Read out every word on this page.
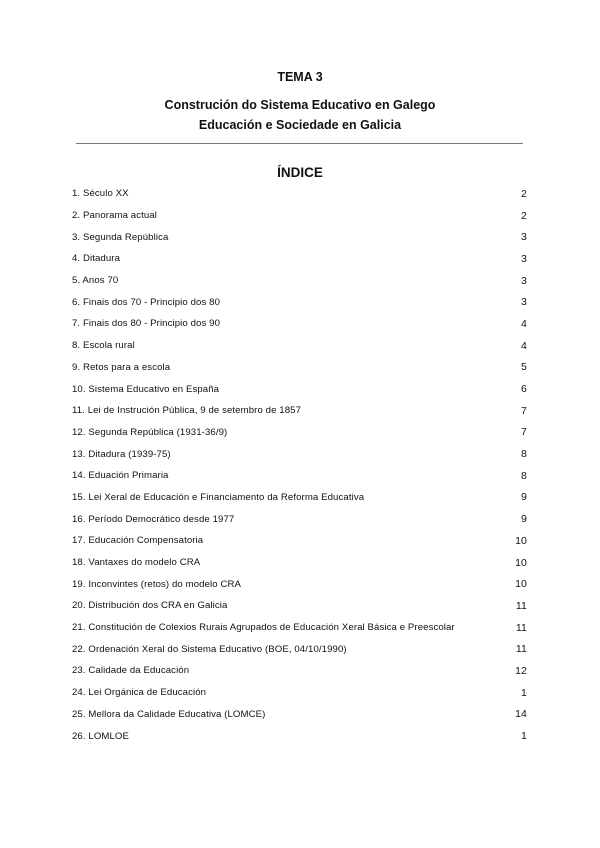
TEMA 3
Construción do Sistema Educativo en Galego
Educación e Sociedade en Galicia
ÍNDICE
1. Século XX	2
2. Panorama actual	2
3. Segunda República	3
4. Ditadura	3
5. Anos 70	3
6. Finais dos 70 - Principio dos 80	3
7. Finais dos 80 - Principio dos 90	4
8. Escola rural	4
9. Retos para a escola	5
10. Sistema Educativo en España	6
11. Lei de Instrución Pública, 9 de setembro de 1857	7
12. Segunda República (1931-36/9)	7
13. Ditadura (1939-75)	8
14. Eduación Primaria	8
15. Lei Xeral de Educación e Financiamento da Reforma Educativa	9
16. Período Democrático desde 1977	9
17. Educación Compensatoria	10
18. Vantaxes do modelo CRA	10
19. Inconvintes (retos) do modelo CRA	10
20. Distribución dos CRA en Galicia	11
21. Constitución de Colexios Rurais Agrupados de Educación Xeral Básica e Preescolar	11
22. Ordenación Xeral do Sistema Educativo (BOE, 04/10/1990)	11
23. Calidade da Educación	12
24. Lei Orgánica de Educación	1
25. Mellora da Calidade Educativa (LOMCE)	14
26. LOMLOE	1
